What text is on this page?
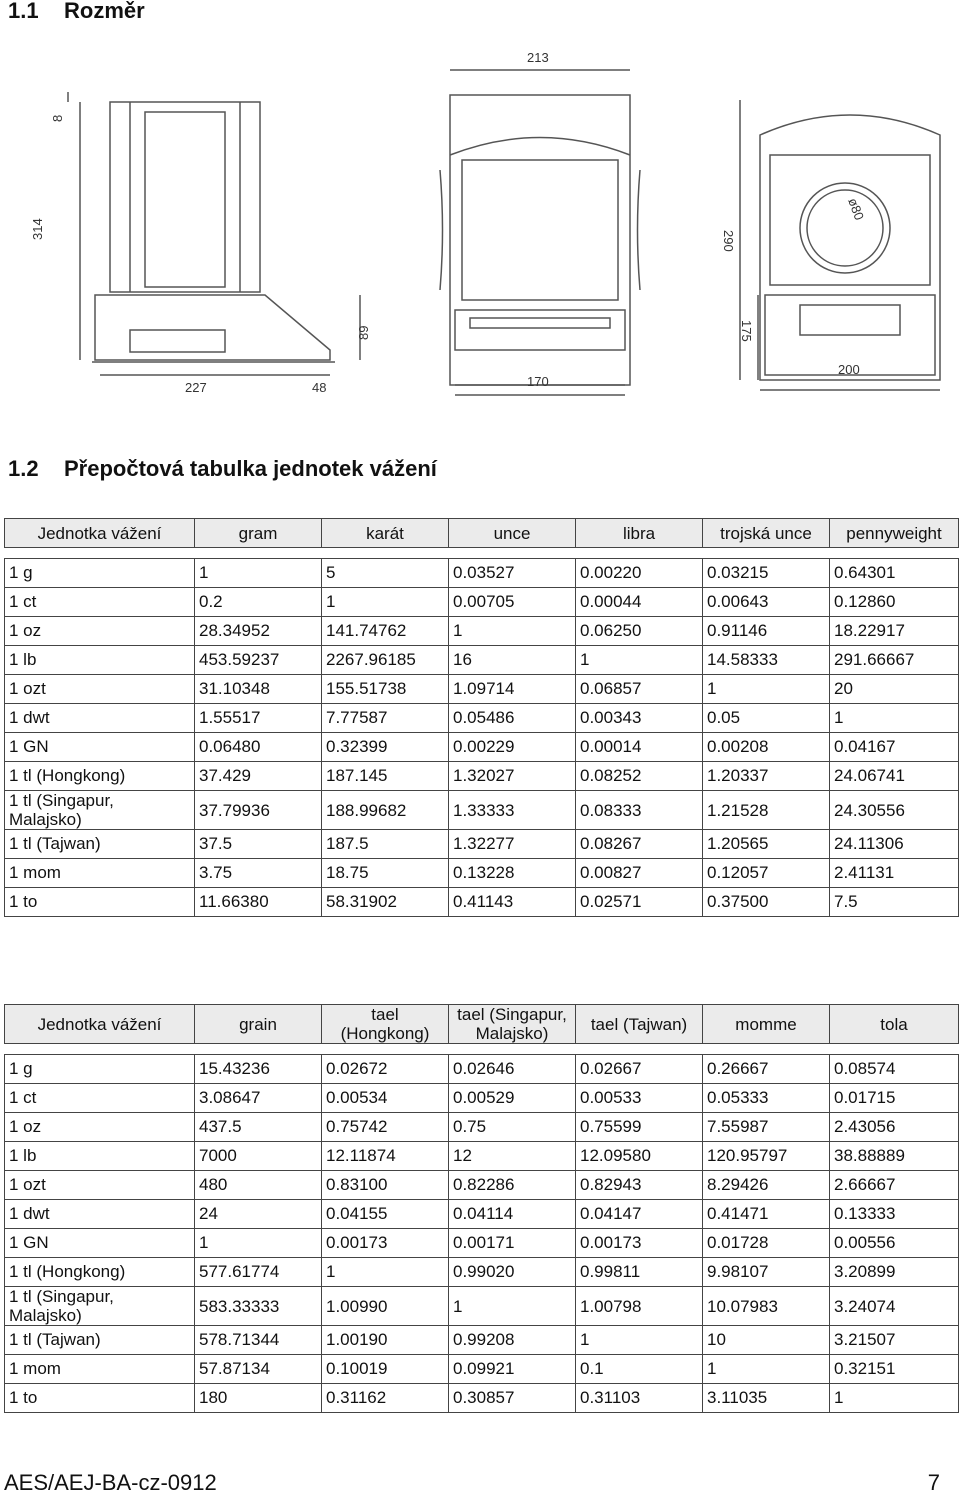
1.1 Rozměr
8
314
89
227	48
213
170
290
175
200
ø80
1.2 Přepočtová tabulka jednotek vážení
Jednotka vážení	gram	karát	unce	libra	trojská unce	pennyweight

1 g	1	5	0.03527	0.00220	0.03215	0.64301
1 ct	0.2	1	0.00705	0.00044	0.00643	0.12860
1 oz	28.34952	141.74762	1	0.06250	0.91146	18.22917
1 lb	453.59237	2267.96185	16	1	14.58333	291.66667
1 ozt	31.10348	155.51738	1.09714	0.06857	1	20
1 dwt	1.55517	7.77587	0.05486	0.00343	0.05	1
1 GN	0.06480	0.32399	0.00229	0.00014	0.00208	0.04167
1 tl (Hongkong)	37.429	187.145	1.32027	0.08252	1.20337	24.06741
1 tl (Singapur, Malajsko)	37.79936	188.99682	1.33333	0.08333	1.21528	24.30556
1 tl (Tajwan)	37.5	187.5	1.32277	0.08267	1.20565	24.11306
1 mom	3.75	18.75	0.13228	0.00827	0.12057	2.41131
1 to	11.66380	58.31902	0.41143	0.02571	0.37500	7.5
Jednotka vážení	grain	tael (Hongkong)	tael (Singapur, Malajsko)	tael (Tajwan)	momme	tola

1 g	15.43236	0.02672	0.02646	0.02667	0.26667	0.08574
1 ct	3.08647	0.00534	0.00529	0.00533	0.05333	0.01715
1 oz	437.5	0.75742	0.75	0.75599	7.55987	2.43056
1 lb	7000	12.11874	12	12.09580	120.95797	38.88889
1 ozt	480	0.83100	0.82286	0.82943	8.29426	2.66667
1 dwt	24	0.04155	0.04114	0.04147	0.41471	0.13333
1 GN	1	0.00173	0.00171	0.00173	0.01728	0.00556
1 tl (Hongkong)	577.61774	1	0.99020	0.99811	9.98107	3.20899
1 tl (Singapur, Malajsko)	583.33333	1.00990	1	1.00798	10.07983	3.24074
1 tl (Tajwan)	578.71344	1.00190	0.99208	1	10	3.21507
1 mom	57.87134	0.10019	0.09921	0.1	1	0.32151
1 to	180	0.31162	0.30857	0.31103	3.11035	1
AES/AEJ-BA-cz-0912	7
